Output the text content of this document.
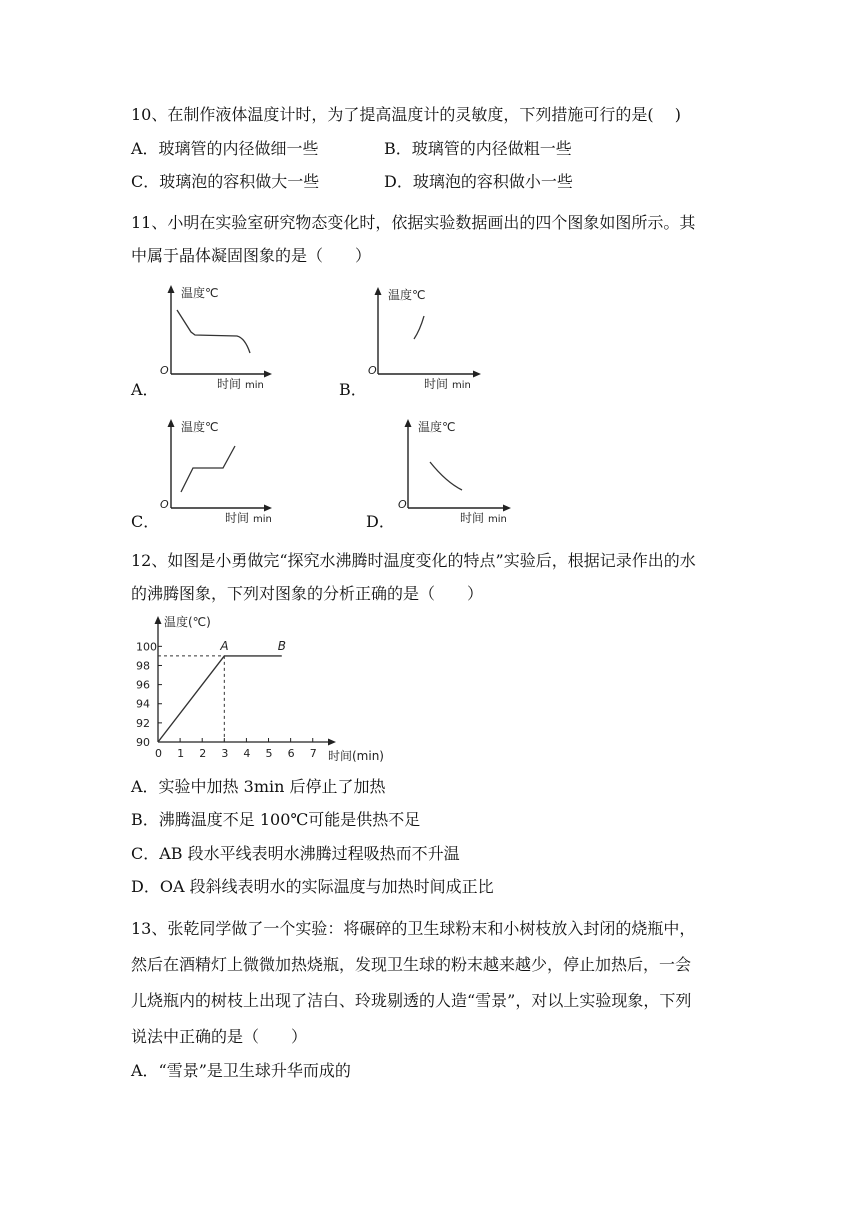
10、在制作液体温度计时，为了提高温度计的灵敏度，下列措施可行的是(　 )
A．玻璃管的内径做细一些	B．玻璃管的内径做粗一些
C．玻璃泡的容积做大一些	D．玻璃泡的容积做小一些
11、小明在实验室研究物态变化时，依据实验数据画出的四个图象如图所示。其
中属于晶体凝固图象的是（　　）
A．
温度℃
O
时间 min	B．
温度℃
O
时间 min
C．
温度℃
O
时间 min	D．
温度℃
O
时间 min
12、如图是小勇做完“探究水沸腾时温度变化的特点”实验后，根据记录作出的水
的沸腾图象，下列对图象的分析正确的是（　　）
温度(℃)
时间(min)
0 1 2 3 4 5 6 7
90
92
94
96
98
100	A	B
A．实验中加热 3min 后停止了加热
B．沸腾温度不足 100℃可能是供热不足
C．AB 段水平线表明水沸腾过程吸热而不升温
D．OA 段斜线表明水的实际温度与加热时间成正比
13、张乾同学做了一个实验：将碾碎的卫生球粉末和小树枝放入封闭的烧瓶中，
然后在酒精灯上微微加热烧瓶，发现卫生球的粉末越来越少，停止加热后，一会
儿烧瓶内的树枝上出现了洁白、玲珑剔透的人造“雪景”，对以上实验现象，下列
说法中正确的是（　　）
A．“雪景”是卫生球升华而成的
